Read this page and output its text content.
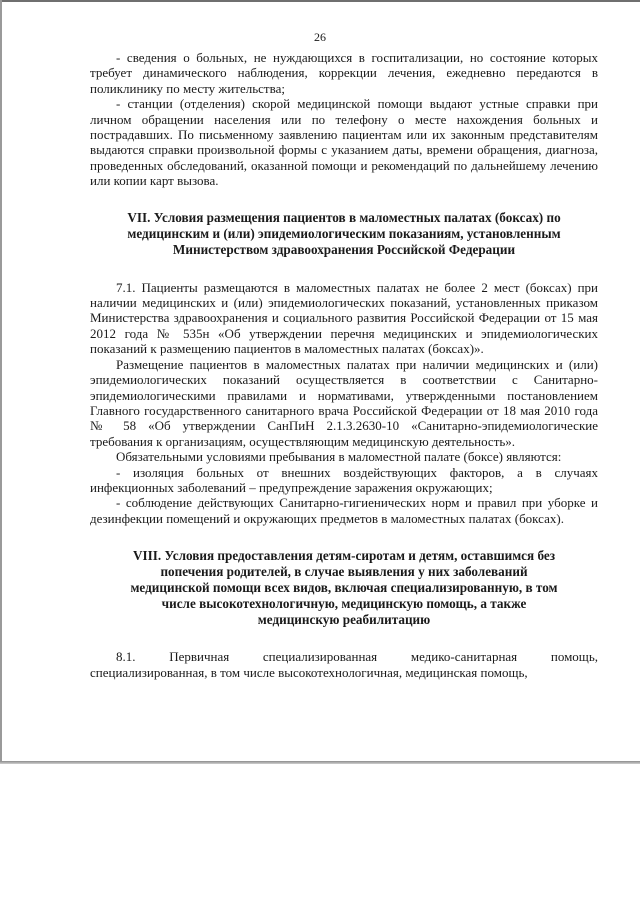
26

- сведения о больных, не нуждающихся в госпитализации, но состояние которых требует динамического наблюдения, коррекции лечения, ежедневно передаются в поликлинику по месту жительства;

- станции (отделения) скорой медицинской помощи выдают устные справки при личном обращении населения или по телефону о месте нахождения больных и пострадавших. По письменному заявлению пациентам или их законным представителям выдаются справки произвольной формы с указанием даты, времени обращения, диагноза, проведенных обследований, оказанной помощи и рекомендаций по дальнейшему лечению или копии карт вызова.

VII. Условия размещения пациентов в маломестных палатах (боксах) по медицинским и (или) эпидемиологическим показаниям, установленным Министерством здравоохранения Российской Федерации

7.1. Пациенты размещаются в маломестных палатах не более 2 мест (боксах) при наличии медицинских и (или) эпидемиологических показаний, установленных приказом Министерства здравоохранения и социального развития Российской Федерации от 15 мая 2012 года № 535н «Об утверждении перечня медицинских и эпидемиологических показаний к размещению пациентов в маломестных палатах (боксах)».

Размещение пациентов в маломестных палатах при наличии медицинских и (или) эпидемиологических показаний осуществляется в соответствии с Санитарно-эпидемиологическими правилами и нормативами, утвержденными постановлением Главного государственного санитарного врача Российской Федерации от 18 мая 2010 года № 58 «Об утверждении СанПиН 2.1.3.2630-10 «Санитарно-эпидемиологические требования к организациям, осуществляющим медицинскую деятельность».

Обязательными условиями пребывания в маломестной палате (боксе) являются:

- изоляция больных от внешних воздействующих факторов, а в случаях инфекционных заболеваний – предупреждение заражения окружающих;

- соблюдение действующих Санитарно-гигиенических норм и правил при уборке и дезинфекции помещений и окружающих предметов в маломестных палатах (боксах).

VIII. Условия предоставления детям-сиротам и детям, оставшимся без попечения родителей, в случае выявления у них заболеваний медицинской помощи всех видов, включая специализированную, в том числе высокотехнологичную, медицинскую помощь, а также медицинскую реабилитацию

8.1. Первичная специализированная медико-санитарная помощь,
специализированная, в том числе высокотехнологичная, медицинская помощь,
